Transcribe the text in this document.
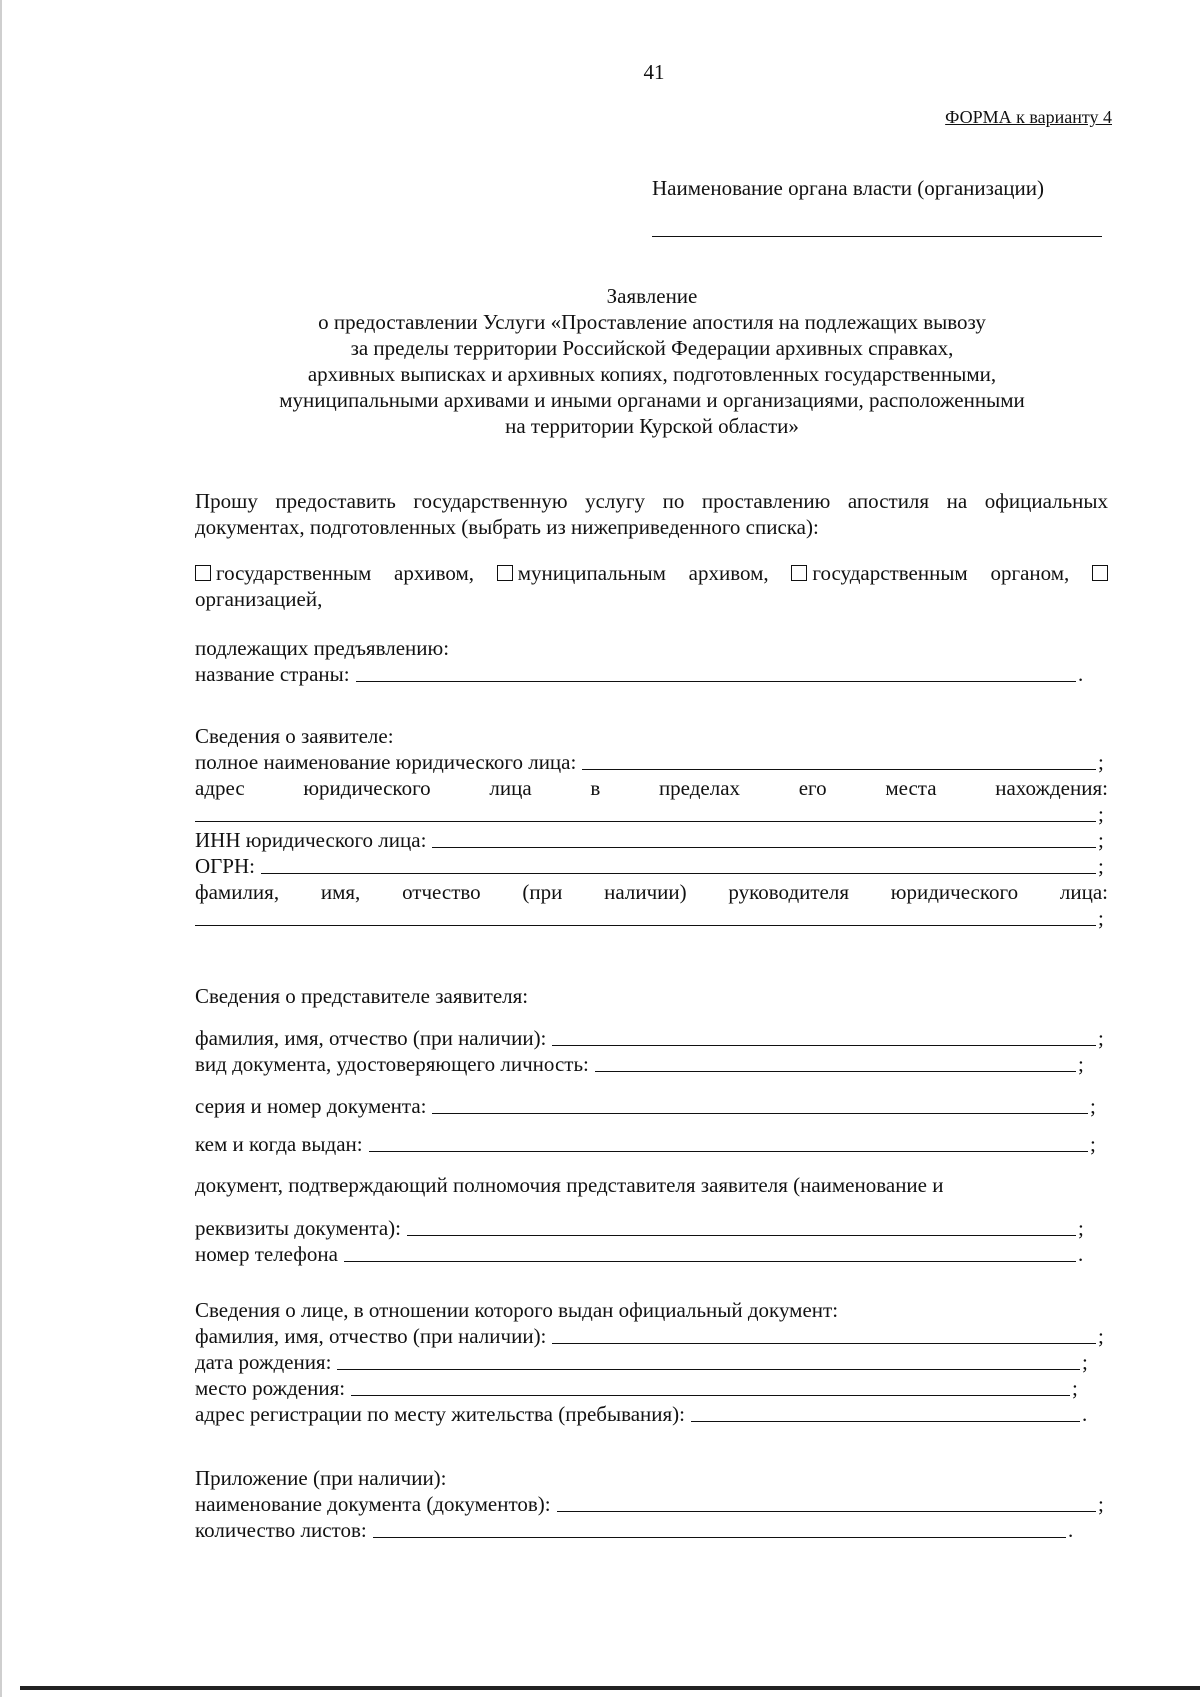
41
ФОРМА к варианту 4
Наименование органа власти (организации)
Заявление
о предоставлении Услуги «Проставление апостиля на подлежащих вывозу
за пределы территории Российской Федерации архивных справках,
архивных выписках и архивных копиях, подготовленных государственными,
муниципальными архивами и иными органами и организациями, расположенными
на территории Курской области»
Прошу предоставить государственную услугу по проставлению апостиля на официальных документах, подготовленных (выбрать из нижеприведенного списка):
государственным архивом, муниципальным архивом, государственным органом, организацией,
подлежащих предъявлению:
название страны:	.
Сведения о заявителе:
полное наименование юридического лица:	;
адрес	юридического	лица	в	пределах	его	места	нахождения:
;
ИНН юридического лица:	;
ОГРН:	;
фамилия, имя, отчество (при наличии) руководителя юридического лица:
;
Сведения о представителе заявителя:
фамилия, имя, отчество (при наличии):	;
вид документа, удостоверяющего личность:	;
серия и номер документа:	;
кем и когда выдан:	;
документ, подтверждающий полномочия представителя заявителя (наименование и
реквизиты документа):	;
номер телефона	.
Сведения о лице, в отношении которого выдан официальный документ:
фамилия, имя, отчество (при наличии):	;
дата рождения:	;
место рождения:	;
адрес регистрации по месту жительства (пребывания):	.
Приложение (при наличии):
наименование документа (документов):	;
количество листов:	.
